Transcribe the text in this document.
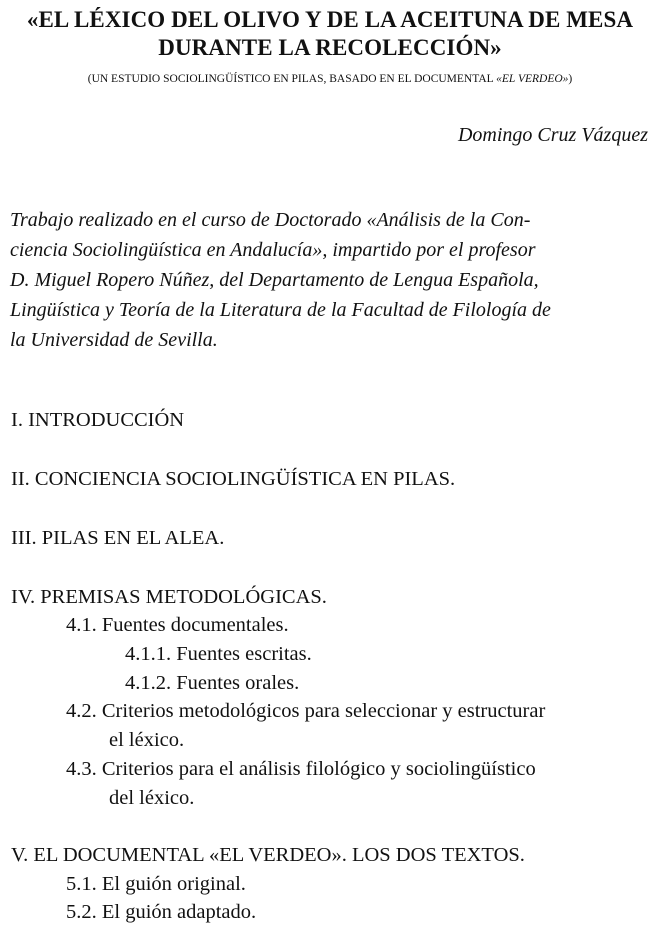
«EL LÉXICO DEL OLIVO Y DE LA ACEITUNA DE MESA
DURANTE LA RECOLECCIÓN»

(UN ESTUDIO SOCIOLINGÜÍSTICO EN PILAS, BASADO EN EL DOCUMENTAL «EL VERDEO»)

Domingo Cruz Vázquez

Trabajo realizado en el curso de Doctorado «Análisis de la Con-
ciencia Sociolingüística en Andalucía», impartido por el profesor
D. Miguel Ropero Núñez, del Departamento de Lengua Española,
Lingüística y Teoría de la Literatura de la Facultad de Filología de
la Universidad de Sevilla.

I. INTRODUCCIÓN

II. CONCIENCIA SOCIOLINGÜÍSTICA EN PILAS.

III. PILAS EN EL ALEA.

IV. PREMISAS METODOLÓGICAS.

4.1. Fuentes documentales.

4.1.1. Fuentes escritas.

4.1.2. Fuentes orales.

4.2. Criterios metodológicos para seleccionar y estructurar

el léxico.

4.3. Criterios para el análisis filológico y sociolingüístico

del léxico.

V. EL DOCUMENTAL «EL VERDEO». LOS DOS TEXTOS.

5.1. El guión original.

5.2. El guión adaptado.
